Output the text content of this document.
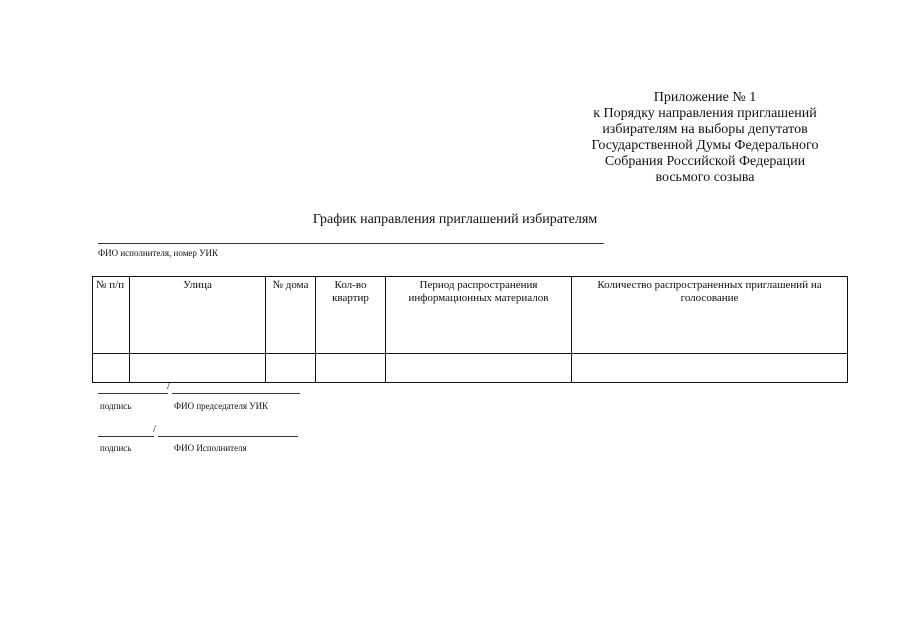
Приложение № 1
к Порядку направления приглашений
избирателям на выборы депутатов
Государственной Думы Федерального
Собрания Российской Федерации
восьмого созыва
График направления приглашений избирателям
ФИО исполнителя, номер УИК
№ п/п	Улица	№ дома	Кол-во квартир	Период распространения информационных материалов	Количество распространенных приглашений на голосование

/
подпись	ФИО председателя УИК
/
подпись	ФИО Исполнителя
